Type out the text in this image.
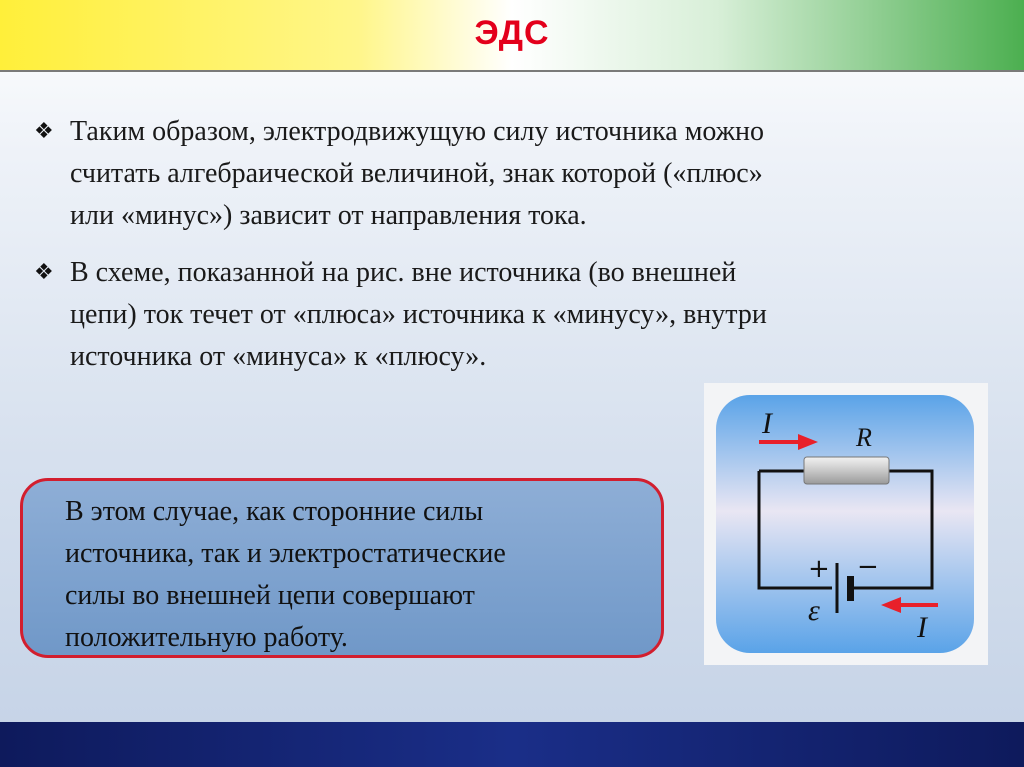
ЭДС
❖ Таким образом, электродвижущую силу источника можно
считать алгебраической величиной, знак которой («плюс»
или «минус») зависит от направления тока.
❖ В схеме, показанной на рис. вне источника (во внешней
цепи) ток течет от «плюса» источника к «минусу», внутри
источника от «минуса» к «плюсу».
В этом случае, как сторонние силы
источника, так и электростатические
силы во внешней цепи совершают
положительную работу.
I	R
+ −
ε
I
